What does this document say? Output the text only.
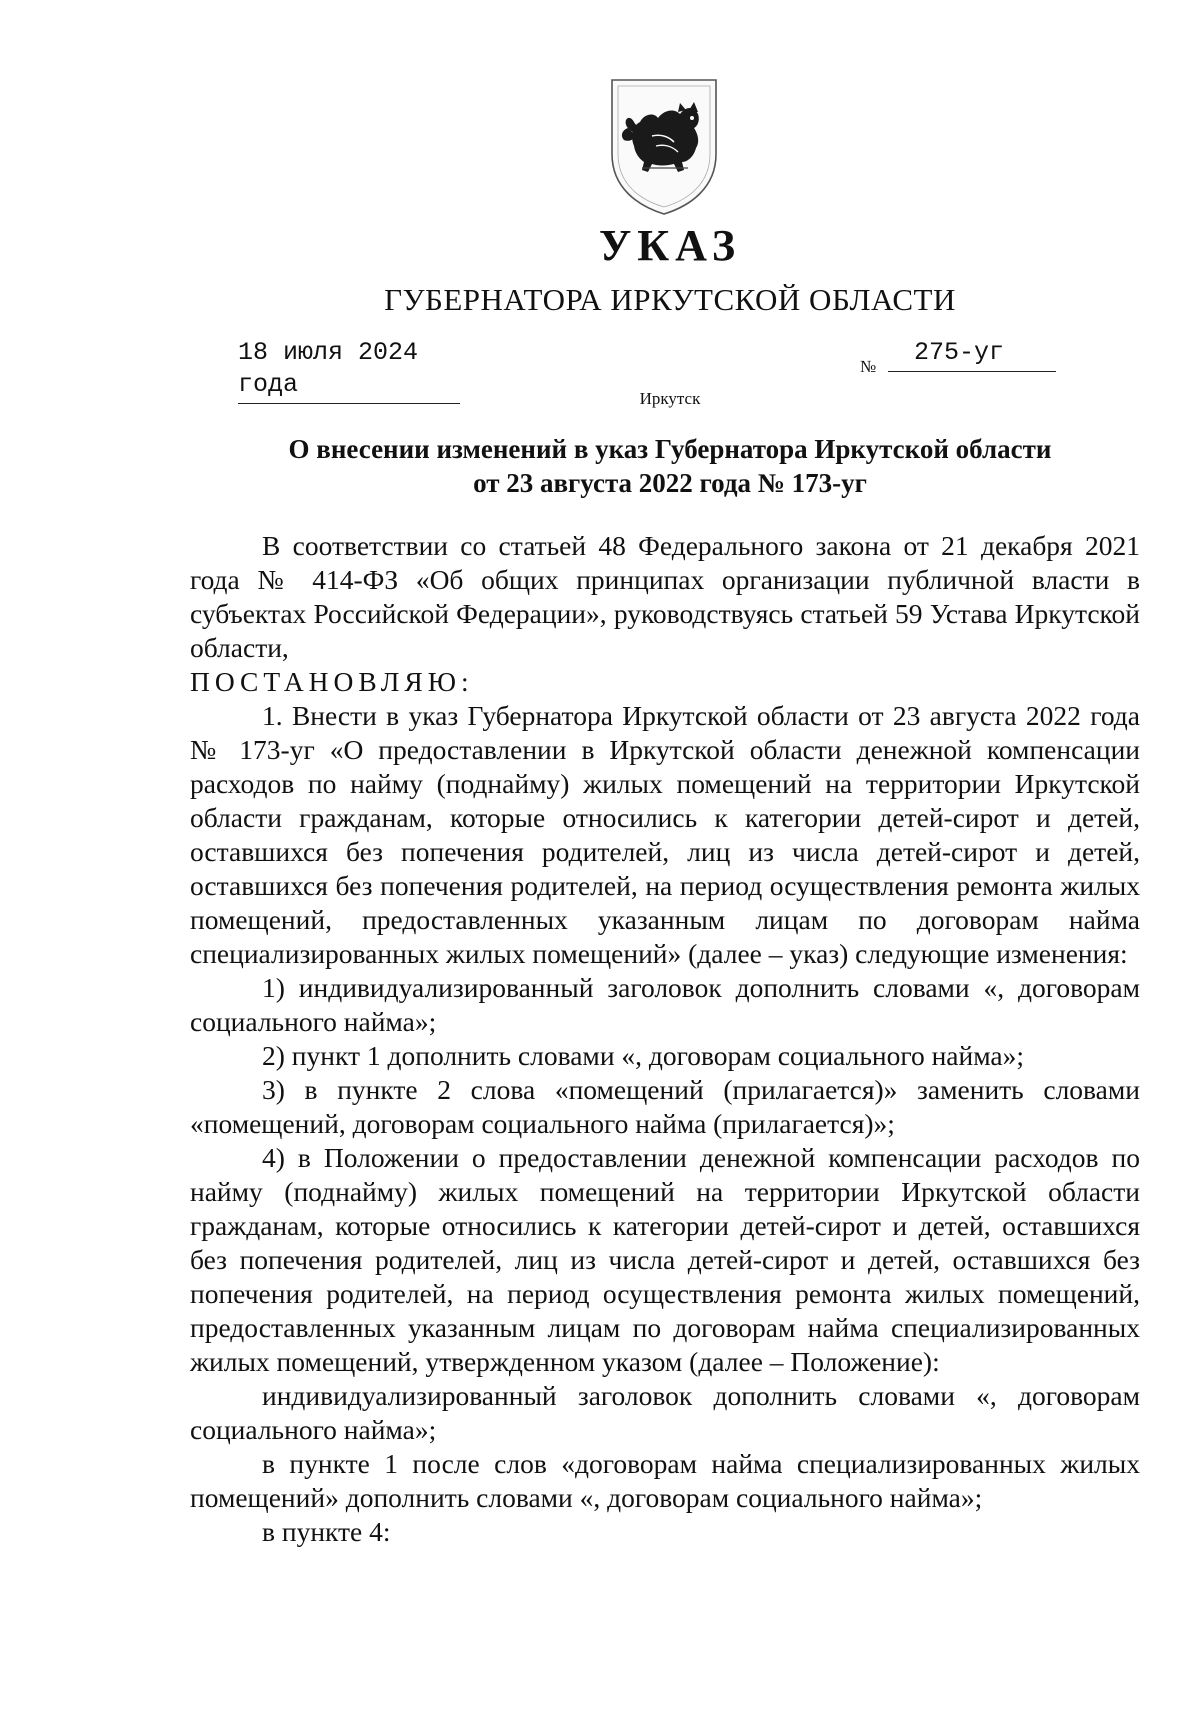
УКАЗ
ГУБЕРНАТОРА ИРКУТСКОЙ ОБЛАСТИ
18 июля 2024 года
№	275-уг
Иркутск
О внесении изменений в указ Губернатора Иркутской области
от 23 августа 2022 года № 173-уг

В соответствии со статьей 48 Федерального закона от 21 декабря 2021 года № 414-ФЗ «Об общих принципах организации публичной власти в субъектах Российской Федерации», руководствуясь статьей 59 Устава Иркутской области,

ПОСТАНОВЛЯЮ:

1. Внести в указ Губернатора Иркутской области от 23 августа 2022 года № 173-уг «О предоставлении в Иркутской области денежной компенсации расходов по найму (поднайму) жилых помещений на территории Иркутской области гражданам, которые относились к категории детей-сирот и детей, оставшихся без попечения родителей, лиц из числа детей-сирот и детей, оставшихся без попечения родителей, на период осуществления ремонта жилых помещений, предоставленных указанным лицам по договорам найма специализированных жилых помещений» (далее – указ) следующие изменения:

1) индивидуализированный заголовок дополнить словами «, договорам социального найма»;

2) пункт 1 дополнить словами «, договорам социального найма»;

3) в пункте 2 слова «помещений (прилагается)» заменить словами «помещений, договорам социального найма (прилагается)»;

4) в Положении о предоставлении денежной компенсации расходов по найму (поднайму) жилых помещений на территории Иркутской области гражданам, которые относились к категории детей-сирот и детей, оставшихся без попечения родителей, лиц из числа детей-сирот и детей, оставшихся без попечения родителей, на период осуществления ремонта жилых помещений, предоставленных указанным лицам по договорам найма специализированных жилых помещений, утвержденном указом (далее – Положение):

индивидуализированный заголовок дополнить словами «, договорам социального найма»;

в пункте 1 после слов «договорам найма специализированных жилых помещений» дополнить словами «, договорам социального найма»;

в пункте 4:
